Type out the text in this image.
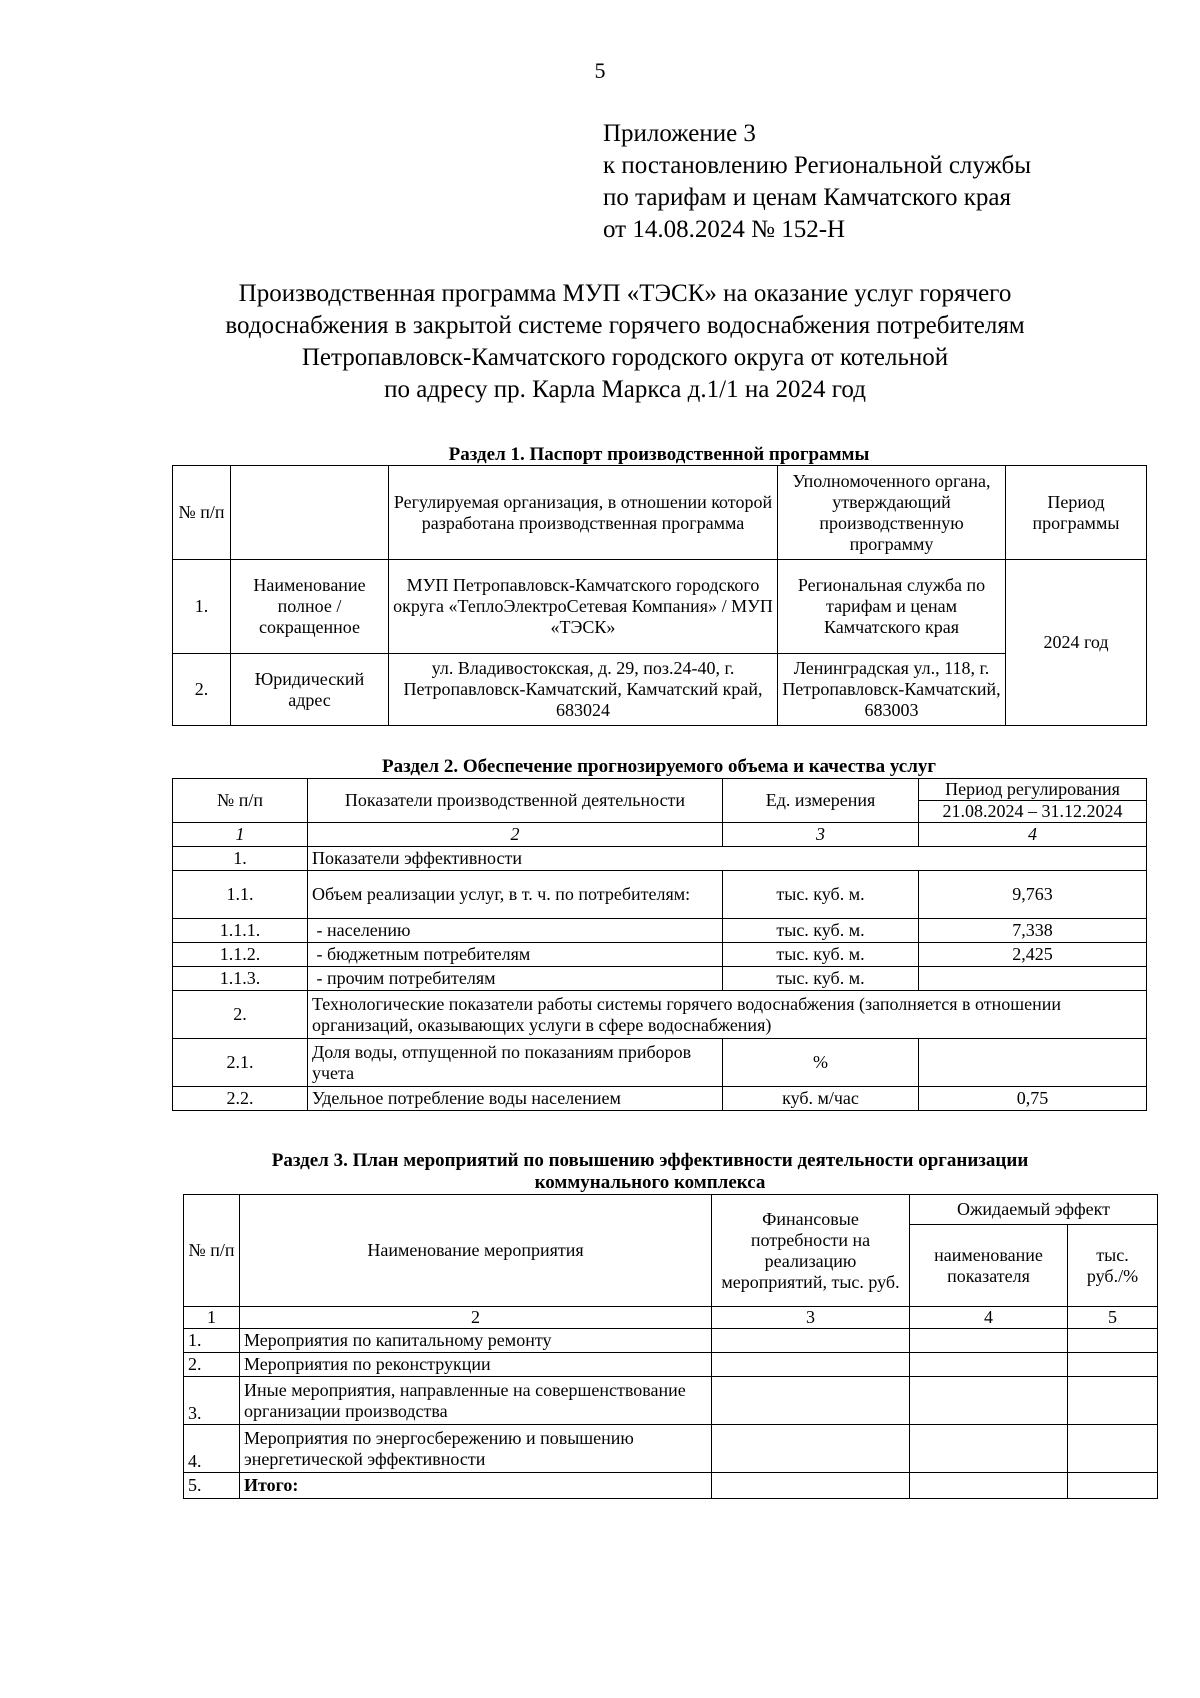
5
Приложение 3
к постановлению Региональной службы
по тарифам и ценам Камчатского края
от 14.08.2024 № 152-Н
Производственная программа МУП «ТЭСК» на оказание услуг горячего
водоснабжения в закрытой системе горячего водоснабжения потребителям
Петропавловск-Камчатского городского округа от котельной
по адресу пр. Карла Маркса д.1/1 на 2024 год
Раздел 1. Паспорт производственной программы
№ п/п		Регулируемая организация, в отношении которой разработана производственная программа	Уполномоченного органа, утверждающий производственную программу	Период программы
1.	Наименование полное / сокращенное	МУП Петропавловск-Камчатского городского округа «ТеплоЭлектроСетевая Компания» / МУП «ТЭСК»	Региональная служба по тарифам и ценам Камчатского края	2024 год
2.	Юридический адрес	ул. Владивостокская, д. 29, поз.24-40, г. Петропавловск-Камчатский, Камчатский край, 683024	Ленинградская ул., 118, г. Петропавловск-Камчатский, 683003	
Раздел 2. Обеспечение прогнозируемого объема и качества услуг
№ п/п	Показатели производственной деятельности	Ед. измерения	Период регулирования
			21.08.2024 – 31.12.2024
1	2	3	4
1.	Показатели эффективности		
1.1.	Объем реализации услуг, в т. ч. по потребителям:	тыс. куб. м.	9,763
1.1.1.	- населению	тыс. куб. м.	7,338
1.1.2.	- бюджетным потребителям	тыс. куб. м.	2,425
1.1.3.	- прочим потребителям	тыс. куб. м.	
2.	Технологические показатели работы системы горячего водоснабжения (заполняется в отношении организаций, оказывающих услуги в сфере водоснабжения)		
2.1.	Доля воды, отпущенной по показаниям приборов учета	%	
2.2.	Удельное потребление воды населением	куб. м/час	0,75
Раздел 3. План мероприятий по повышению эффективности деятельности организации
коммунального комплекса
№ п/п	Наименование мероприятия	Финансовые потребности на реализацию мероприятий, тыс. руб.	Ожидаемый эффект	
			наименование показателя	тыс. руб./%
1	2	3	4	5
1.	Мероприятия по капитальному ремонту			
2.	Мероприятия по реконструкции			
3.	Иные мероприятия, направленные на совершенствование организации производства			
4.	Мероприятия по энергосбережению и повышению энергетической эффективности			
5.	Итого:			
